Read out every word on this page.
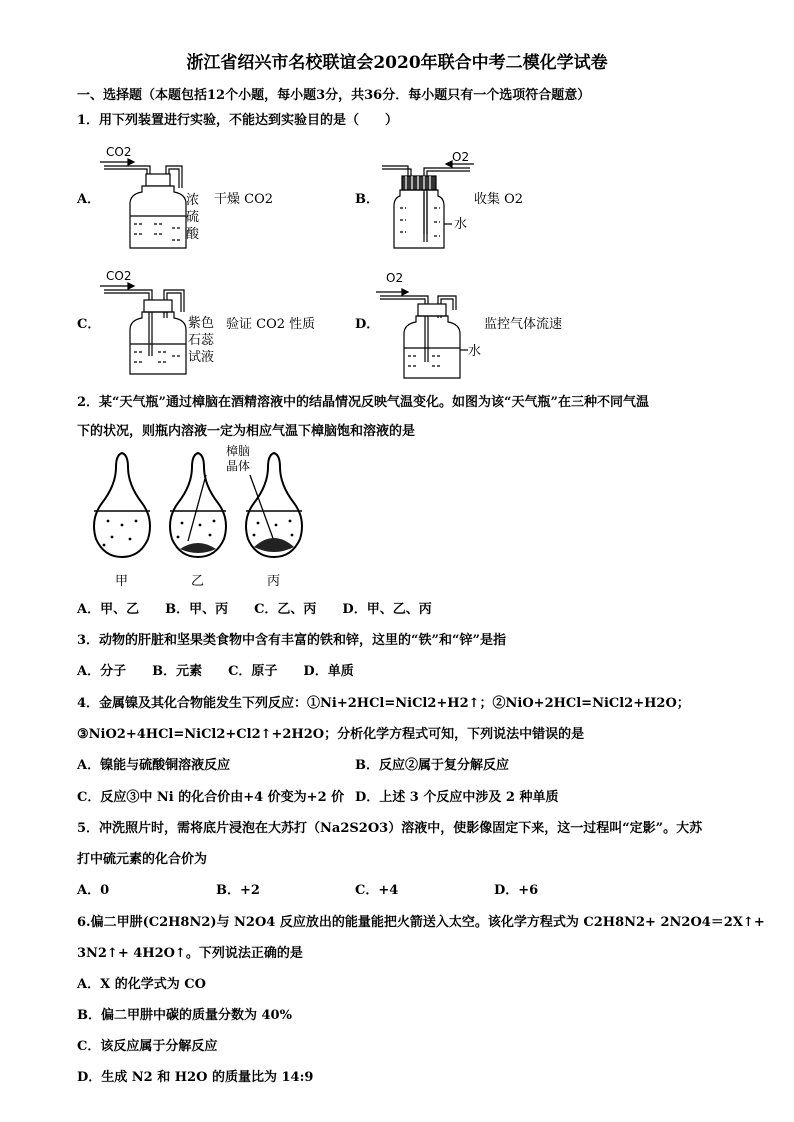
浙江省绍兴市名校联谊会2020年联合中考二模化学试卷
一、选择题（本题包括12个小题，每小题3分，共36分．每小题只有一个选项符合题意）
1．用下列装置进行实验，不能达到实验目的是（　　）
A．
CO2
浓
硫
酸
干燥 CO2	B．
O2
水
收集 O2
C．
CO2
紫色
石蕊
试液
验证 CO2 性质	D．
O2
水
监控气体流速
2．某“天气瓶”通过樟脑在酒精溶液中的结晶情况反映气温变化。如图为该“天气瓶”在三种不同气温
下的状况，则瓶内溶液一定为相应气温下樟脑饱和溶液的是
樟脑
晶体
甲	乙	丙
A．甲、乙　　B．甲、丙　　C．乙、丙　　D．甲、乙、丙
3．动物的肝脏和坚果类食物中含有丰富的铁和锌，这里的“铁”和“锌”是指
A．分子　　B．元素　　C．原子　　D．单质
4．金属镍及其化合物能发生下列反应：①Ni+2HCl=NiCl2+H2↑；②NiO+2HCl=NiCl2+H2O；
③NiO2+4HCl=NiCl2+Cl2↑+2H2O；分析化学方程式可知，下列说法中错误的是
A．镍能与硫酸铜溶液反应	B．反应②属于复分解反应
C．反应③中 Ni 的化合价由+4 价变为+2 价 D．上述 3 个反应中涉及 2 种单质
5．冲洗照片时，需将底片浸泡在大苏打（Na2S2O3）溶液中，使影像固定下来，这一过程叫“定影”。大苏
打中硫元素的化合价为
A．0	B．+2	C．+4	D．+6
6.偏二甲肼(C2H8N2)与 N2O4 反应放出的能量能把火箭送入太空。该化学方程式为 C2H8N2+ 2N2O4＝2X↑+
3N2↑+ 4H2O↑。下列说法正确的是
A．X 的化学式为 CO
B．偏二甲肼中碳的质量分数为 40%
C．该反应属于分解反应
D．生成 N2 和 H2O 的质量比为 14:9
